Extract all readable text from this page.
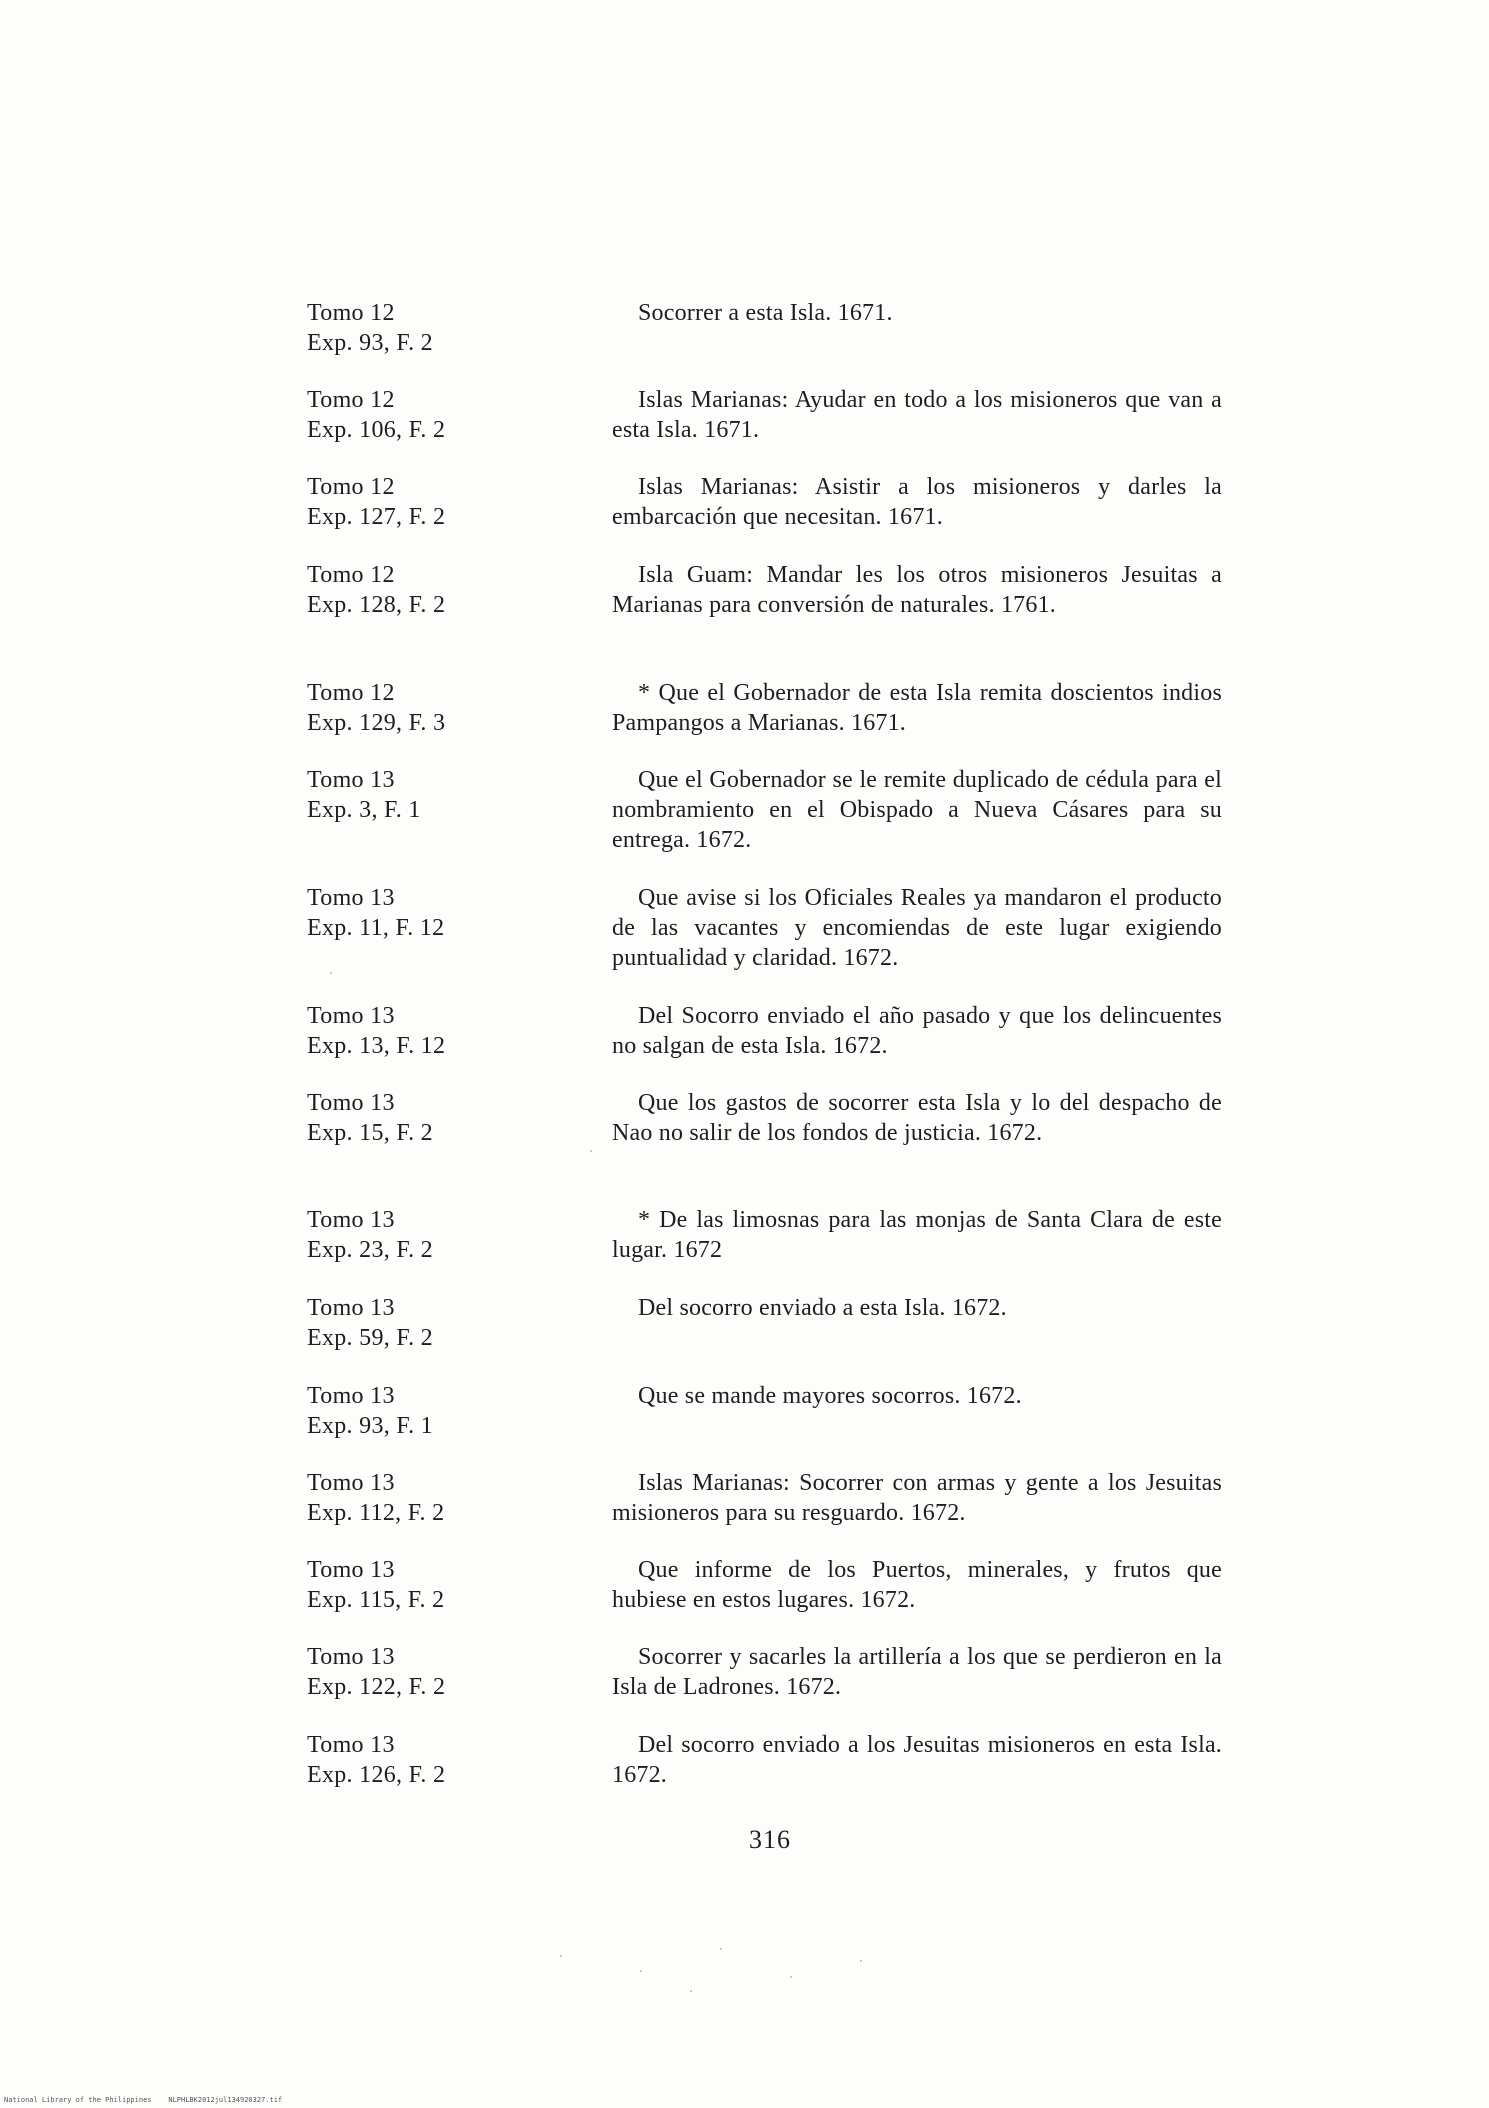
Tomo 12
Exp. 93, F. 2
Socorrer a esta Isla. 1671.
Tomo 12
Exp. 106, F. 2
Islas Marianas: Ayudar en todo a los misioneros que van a esta Isla. 1671.
Tomo 12
Exp. 127, F. 2
Islas Marianas: Asistir a los misioneros y darles la embarcación que necesitan. 1671.
Tomo 12
Exp. 128, F. 2
Isla Guam: Mandar les los otros misioneros Jesuitas a Marianas para conversión de naturales. 1761.
Tomo 12
Exp. 129, F. 3
* Que el Gobernador de esta Isla remita doscientos indios Pampangos a Marianas. 1671.
Tomo 13
Exp. 3, F. 1
Que el Gobernador se le remite duplicado de cédula para el nombramiento en el Obispado a Nueva Cásares para su entrega. 1672.
Tomo 13
Exp. 11, F. 12
Que avise si los Oficiales Reales ya mandaron el producto de las vacantes y encomiendas de este lugar exigiendo puntualidad y claridad. 1672.
Tomo 13
Exp. 13, F. 12
Del Socorro enviado el año pasado y que los delincuentes no salgan de esta Isla. 1672.
Tomo 13
Exp. 15, F. 2
Que los gastos de socorrer esta Isla y lo del despacho de Nao no salir de los fondos de justicia. 1672.
Tomo 13
Exp. 23, F. 2
* De las limosnas para las monjas de Santa Clara de este lugar. 1672
Tomo 13
Exp. 59, F. 2
Del socorro enviado a esta Isla. 1672.
Tomo 13
Exp. 93, F. 1
Que se mande mayores socorros. 1672.
Tomo 13
Exp. 112, F. 2
Islas Marianas: Socorrer con armas y gente a los Jesuitas misioneros para su resguardo. 1672.
Tomo 13
Exp. 115, F. 2
Que informe de los Puertos, minerales, y frutos que hubiese en estos lugares. 1672.
Tomo 13
Exp. 122, F. 2
Socorrer y sacarles la artillería a los que se perdieron en la Isla de Ladrones. 1672.
Tomo 13
Exp. 126, F. 2
Del socorro enviado a los Jesuitas misioneros en esta Isla. 1672.
316
National Library of the Philippines    NLPHLBK2012jul134920327.tif
